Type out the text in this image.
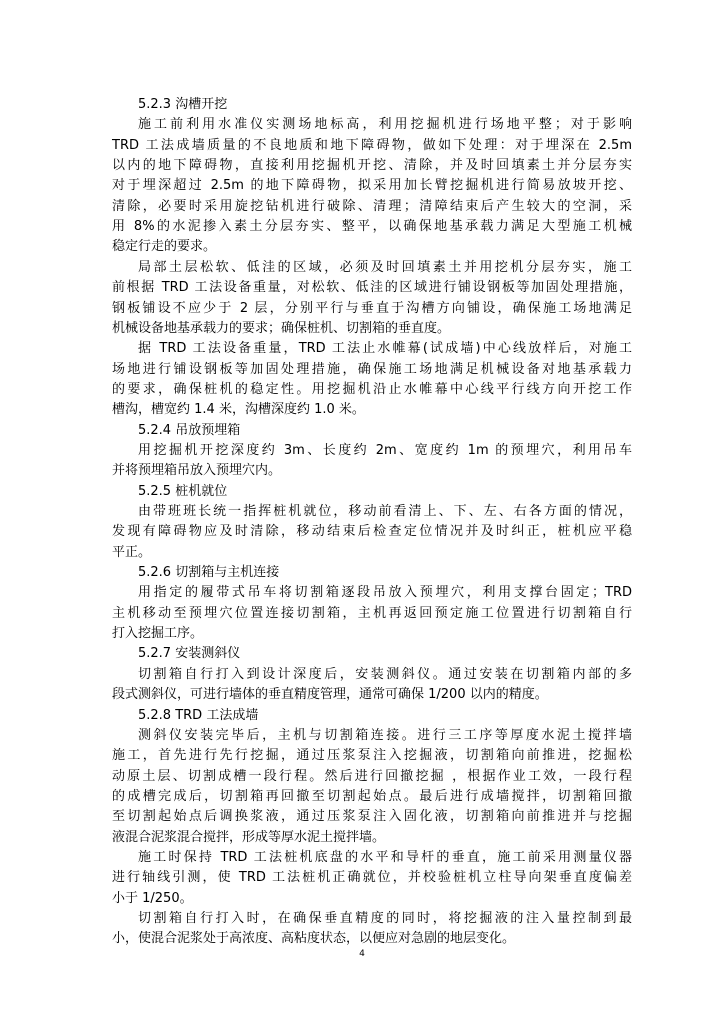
5.2.3 沟槽开挖
施工前利用水准仪实测场地标高，利用挖掘机进行场地平整；对于影响
TRD 工法成墙质量的不良地质和地下障碍物，做如下处理：对于埋深在 2.5m
以内的地下障碍物，直接利用挖掘机开挖、清除，并及时回填素土并分层夯实
对于埋深超过 2.5m 的地下障碍物，拟采用加长臂挖掘机进行简易放坡开挖、
清除，必要时采用旋挖钻机进行破除、清理；清障结束后产生较大的空洞，采
用 8%的水泥掺入素土分层夯实、整平，以确保地基承载力满足大型施工机械
稳定行走的要求。
局部土层松软、低洼的区域，必须及时回填素土并用挖机分层夯实，施工
前根据 TRD 工法设备重量，对松软、低洼的区域进行铺设钢板等加固处理措施，
钢板铺设不应少于 2 层，分别平行与垂直于沟槽方向铺设，确保施工场地满足
机械设备地基承载力的要求；确保桩机、切割箱的垂直度。
据 TRD 工法设备重量，TRD 工法止水帷幕(试成墙)中心线放样后，对施工
场地进行铺设钢板等加固处理措施，确保施工场地满足机械设备对地基承载力
的要求，确保桩机的稳定性。用挖掘机沿止水帷幕中心线平行线方向开挖工作
槽沟，槽宽约 1.4 米，沟槽深度约 1.0 米。
5.2.4 吊放预埋箱
用挖掘机开挖深度约 3m、长度约 2m、宽度约 1m 的预埋穴，利用吊车
并将预埋箱吊放入预埋穴内。
5.2.5 桩机就位
由带班班长统一指挥桩机就位，移动前看清上、下、左、右各方面的情况，
发现有障碍物应及时清除，移动结束后检查定位情况并及时纠正，桩机应平稳
平正。
5.2.6 切割箱与主机连接
用指定的履带式吊车将切割箱逐段吊放入预埋穴，利用支撑台固定；TRD
主机移动至预埋穴位置连接切割箱，主机再返回预定施工位置进行切割箱自行
打入挖掘工序。
5.2.7 安装测斜仪
切割箱自行打入到设计深度后，安装测斜仪。通过安装在切割箱内部的多
段式测斜仪，可进行墙体的垂直精度管理，通常可确保 1/200 以内的精度。
5.2.8 TRD 工法成墙
测斜仪安装完毕后，主机与切割箱连接。进行三工序等厚度水泥土搅拌墙
施工，首先进行先行挖掘，通过压浆泵注入挖掘液，切割箱向前推进，挖掘松
动原土层、切割成槽一段行程。然后进行回撤挖掘 ，根据作业工效，一段行程
的成槽完成后，切割箱再回撤至切割起始点。最后进行成墙搅拌，切割箱回撤
至切割起始点后调换浆液，通过压浆泵注入固化液，切割箱向前推进并与挖掘
液混合泥浆混合搅拌，形成等厚水泥土搅拌墙。
施工时保持 TRD 工法桩机底盘的水平和导杆的垂直，施工前采用测量仪器
进行轴线引测，使 TRD 工法桩机正确就位，并校验桩机立柱导向架垂直度偏差
小于 1/250。
切割箱自行打入时，在确保垂直精度的同时，将挖掘液的注入量控制到最
小，使混合泥浆处于高浓度、高粘度状态，以便应对急剧的地层变化。
4
